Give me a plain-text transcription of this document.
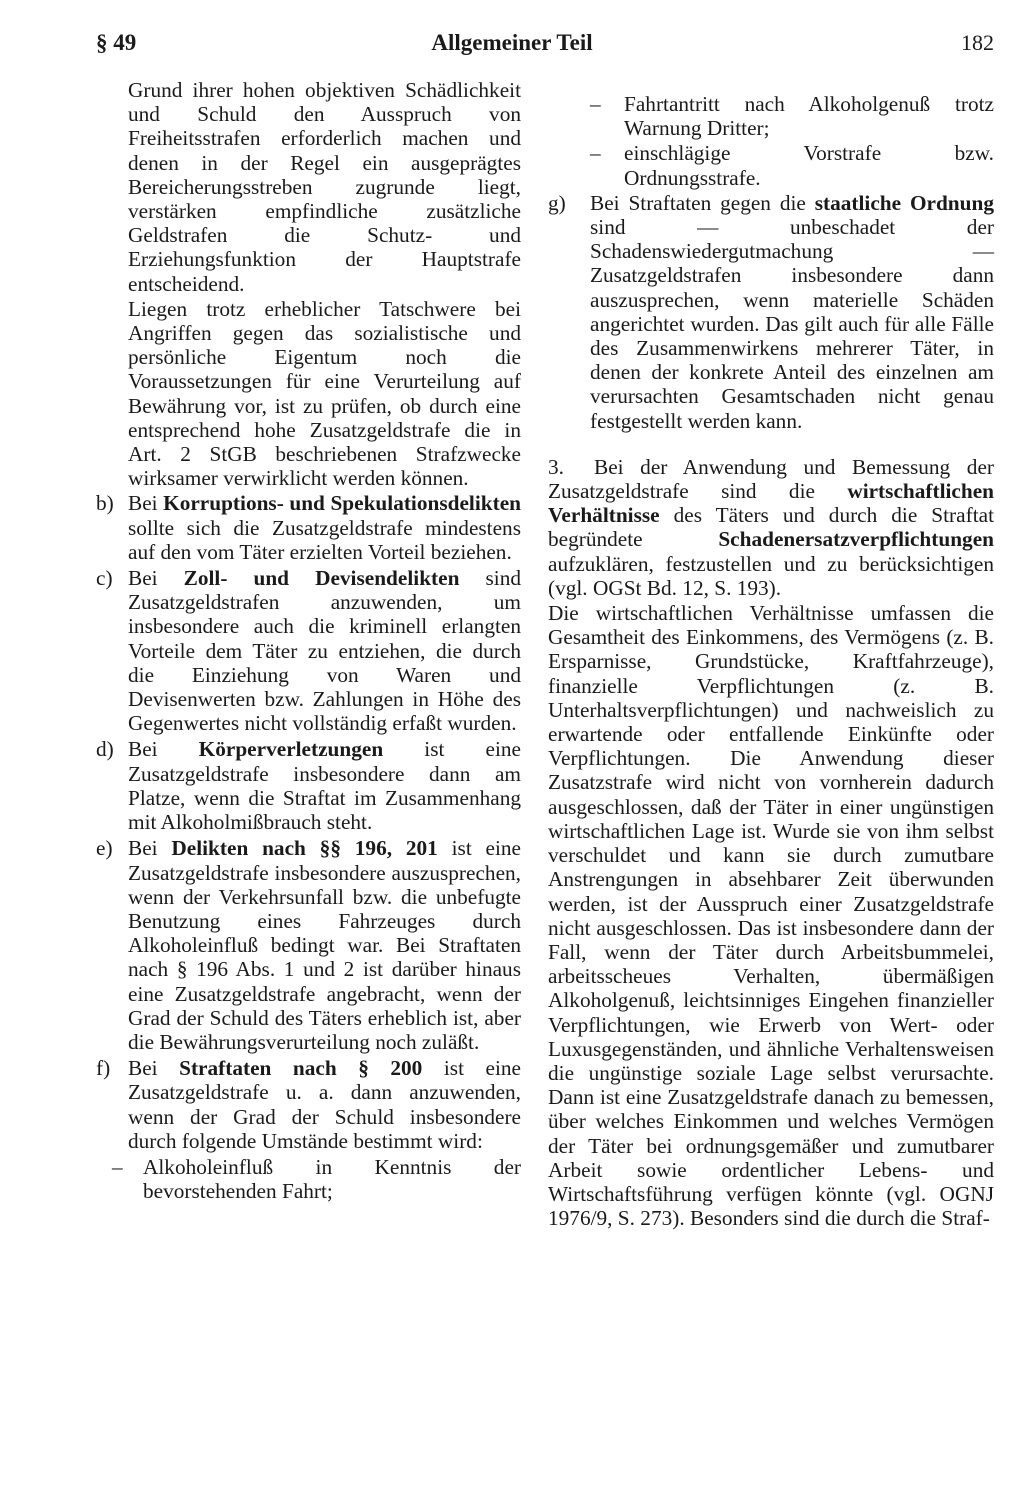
§ 49	Allgemeiner Teil	182

Grund ihrer hohen objektiven Schädlichkeit und Schuld den Ausspruch von Freiheitsstrafen erforderlich machen und denen in der Regel ein ausgeprägtes Bereicherungsstreben zugrunde liegt, verstärken empfindliche zusätzliche Geldstrafen die Schutz- und Erziehungsfunktion der Hauptstrafe entscheidend.

Liegen trotz erheblicher Tatschwere bei Angriffen gegen das sozialistische und persönliche Eigentum noch die Voraussetzungen für eine Verurteilung auf Bewährung vor, ist zu prüfen, ob durch eine entsprechend hohe Zusatzgeldstrafe die in Art. 2 StGB beschriebenen Strafzwecke wirksamer verwirklicht werden können.

b) Bei Korruptions- und Spekulationsdelikten sollte sich die Zusatzgeldstrafe mindestens auf den vom Täter erzielten Vorteil beziehen.
c) Bei Zoll- und Devisendelikten sind Zusatzgeldstrafen anzuwenden, um insbesondere auch die kriminell erlangten Vorteile dem Täter zu entziehen, die durch die Einziehung von Waren und Devisenwerten bzw. Zahlungen in Höhe des Gegenwertes nicht vollständig erfaßt wurden.
d) Bei Körperverletzungen ist eine Zusatzgeldstrafe insbesondere dann am Platze, wenn die Straftat im Zusammenhang mit Alkoholmißbrauch steht.
e) Bei Delikten nach §§ 196, 201 ist eine Zusatzgeldstrafe insbesondere auszusprechen, wenn der Verkehrsunfall bzw. die unbefugte Benutzung eines Fahrzeuges durch Alkoholeinfluß bedingt war. Bei Straftaten nach § 196 Abs. 1 und 2 ist darüber hinaus eine Zusatzgeldstrafe angebracht, wenn der Grad der Schuld des Täters erheblich ist, aber die Bewährungsverurteilung noch zuläßt.
f) Bei Straftaten nach § 200 ist eine Zusatzgeldstrafe u. a. dann anzuwenden, wenn der Grad der Schuld insbesondere durch folgende Umstände bestimmt wird:
– Alkoholeinfluß in Kenntnis der bevorstehenden Fahrt;
– Fahrtantritt nach Alkoholgenuß trotz Warnung Dritter;
– einschlägige Vorstrafe bzw. Ordnungsstrafe.
g) Bei Straftaten gegen die staatliche Ordnung sind — unbeschadet der Schadenswiedergutmachung — Zusatzgeldstrafen insbesondere dann auszusprechen, wenn materielle Schäden angerichtet wurden. Das gilt auch für alle Fälle des Zusammenwirkens mehrerer Täter, in denen der konkrete Anteil des einzelnen am verursachten Gesamtschaden nicht genau festgestellt werden kann.

3. Bei der Anwendung und Bemessung der Zusatzgeldstrafe sind die wirtschaftlichen Verhältnisse des Täters und durch die Straftat begründete Schadenersatzverpflichtungen aufzuklären, festzustellen und zu berücksichtigen (vgl. OGSt Bd. 12, S. 193).

Die wirtschaftlichen Verhältnisse umfassen die Gesamtheit des Einkommens, des Vermögens (z. B. Ersparnisse, Grundstücke, Kraftfahrzeuge), finanzielle Verpflichtungen (z. B. Unterhaltsverpflichtungen) und nachweislich zu erwartende oder entfallende Einkünfte oder Verpflichtungen. Die Anwendung dieser Zusatzstrafe wird nicht von vornherein dadurch ausgeschlossen, daß der Täter in einer ungünstigen wirtschaftlichen Lage ist. Wurde sie von ihm selbst verschuldet und kann sie durch zumutbare Anstrengungen in absehbarer Zeit überwunden werden, ist der Ausspruch einer Zusatzgeldstrafe nicht ausgeschlossen. Das ist insbesondere dann der Fall, wenn der Täter durch Arbeitsbummelei, arbeitsscheues Verhalten, übermäßigen Alkoholgenuß, leichtsinniges Eingehen finanzieller Verpflichtungen, wie Erwerb von Wert- oder Luxusgegenständen, und ähnliche Verhaltensweisen die ungünstige soziale Lage selbst verursachte. Dann ist eine Zusatzgeldstrafe danach zu bemessen, über welches Einkommen und welches Vermögen der Täter bei ordnungsgemäßer und zumutbarer Arbeit sowie ordentlicher Lebens- und Wirtschaftsführung verfügen könnte (vgl. OGNJ 1976/9, S. 273). Besonders sind die durch die Straf-
